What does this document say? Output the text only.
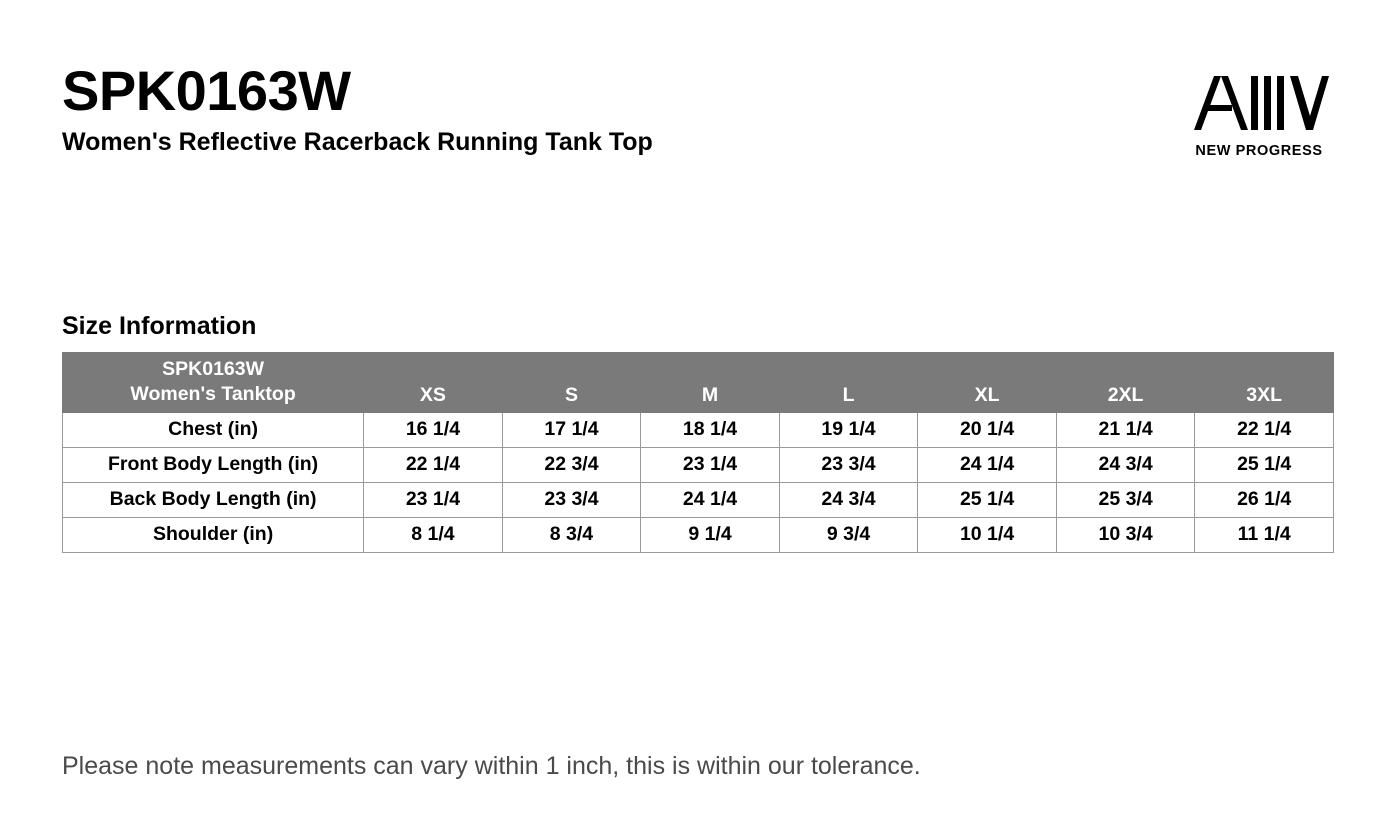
SPK0163W
Women's Reflective Racerback Running Tank Top	NEW PROGRESS
Size Information
SPK0163W
Women's Tanktop	XS	S	M	L	XL	2XL	3XL
Chest (in)	16 1/4	17 1/4	18 1/4	19 1/4	20 1/4	21 1/4	22 1/4
Front Body Length (in)	22 1/4	22 3/4	23 1/4	23 3/4	24 1/4	24 3/4	25 1/4
Back Body Length (in)	23 1/4	23 3/4	24 1/4	24 3/4	25 1/4	25 3/4	26 1/4
Shoulder (in)	8 1/4	8 3/4	9 1/4	9 3/4	10 1/4	10 3/4	11 1/4
Please note measurements can vary within 1 inch, this is within our tolerance.
